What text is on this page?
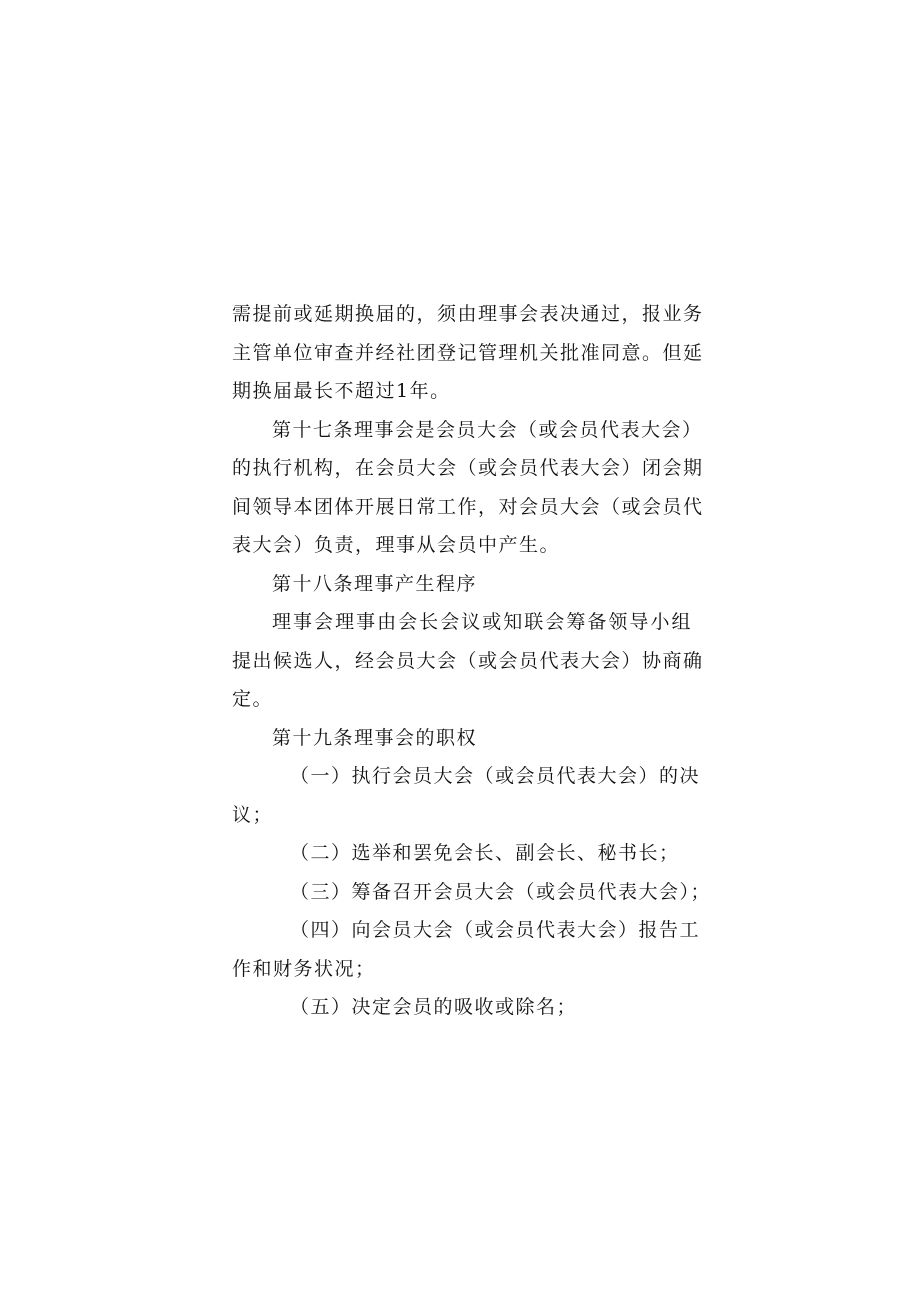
需提前或延期换届的，须由理事会表决通过，报业务
主管单位审查并经社团登记管理机关批准同意。但延
期换届最长不超过1年。
第十七条理事会是会员大会（或会员代表大会）
的执行机构，在会员大会（或会员代表大会）闭会期
间领导本团体开展日常工作，对会员大会（或会员代
表大会）负责，理事从会员中产生。
第十八条理事产生程序
理事会理事由会长会议或知联会筹备领导小组
提出候选人，经会员大会（或会员代表大会）协商确
定。
第十九条理事会的职权
（一）执行会员大会（或会员代表大会）的决
议；
（二）选举和罢免会长、副会长、秘书长；
（三）筹备召开会员大会（或会员代表大会）；
（四）向会员大会（或会员代表大会）报告工
作和财务状况；
（五）决定会员的吸收或除名；
